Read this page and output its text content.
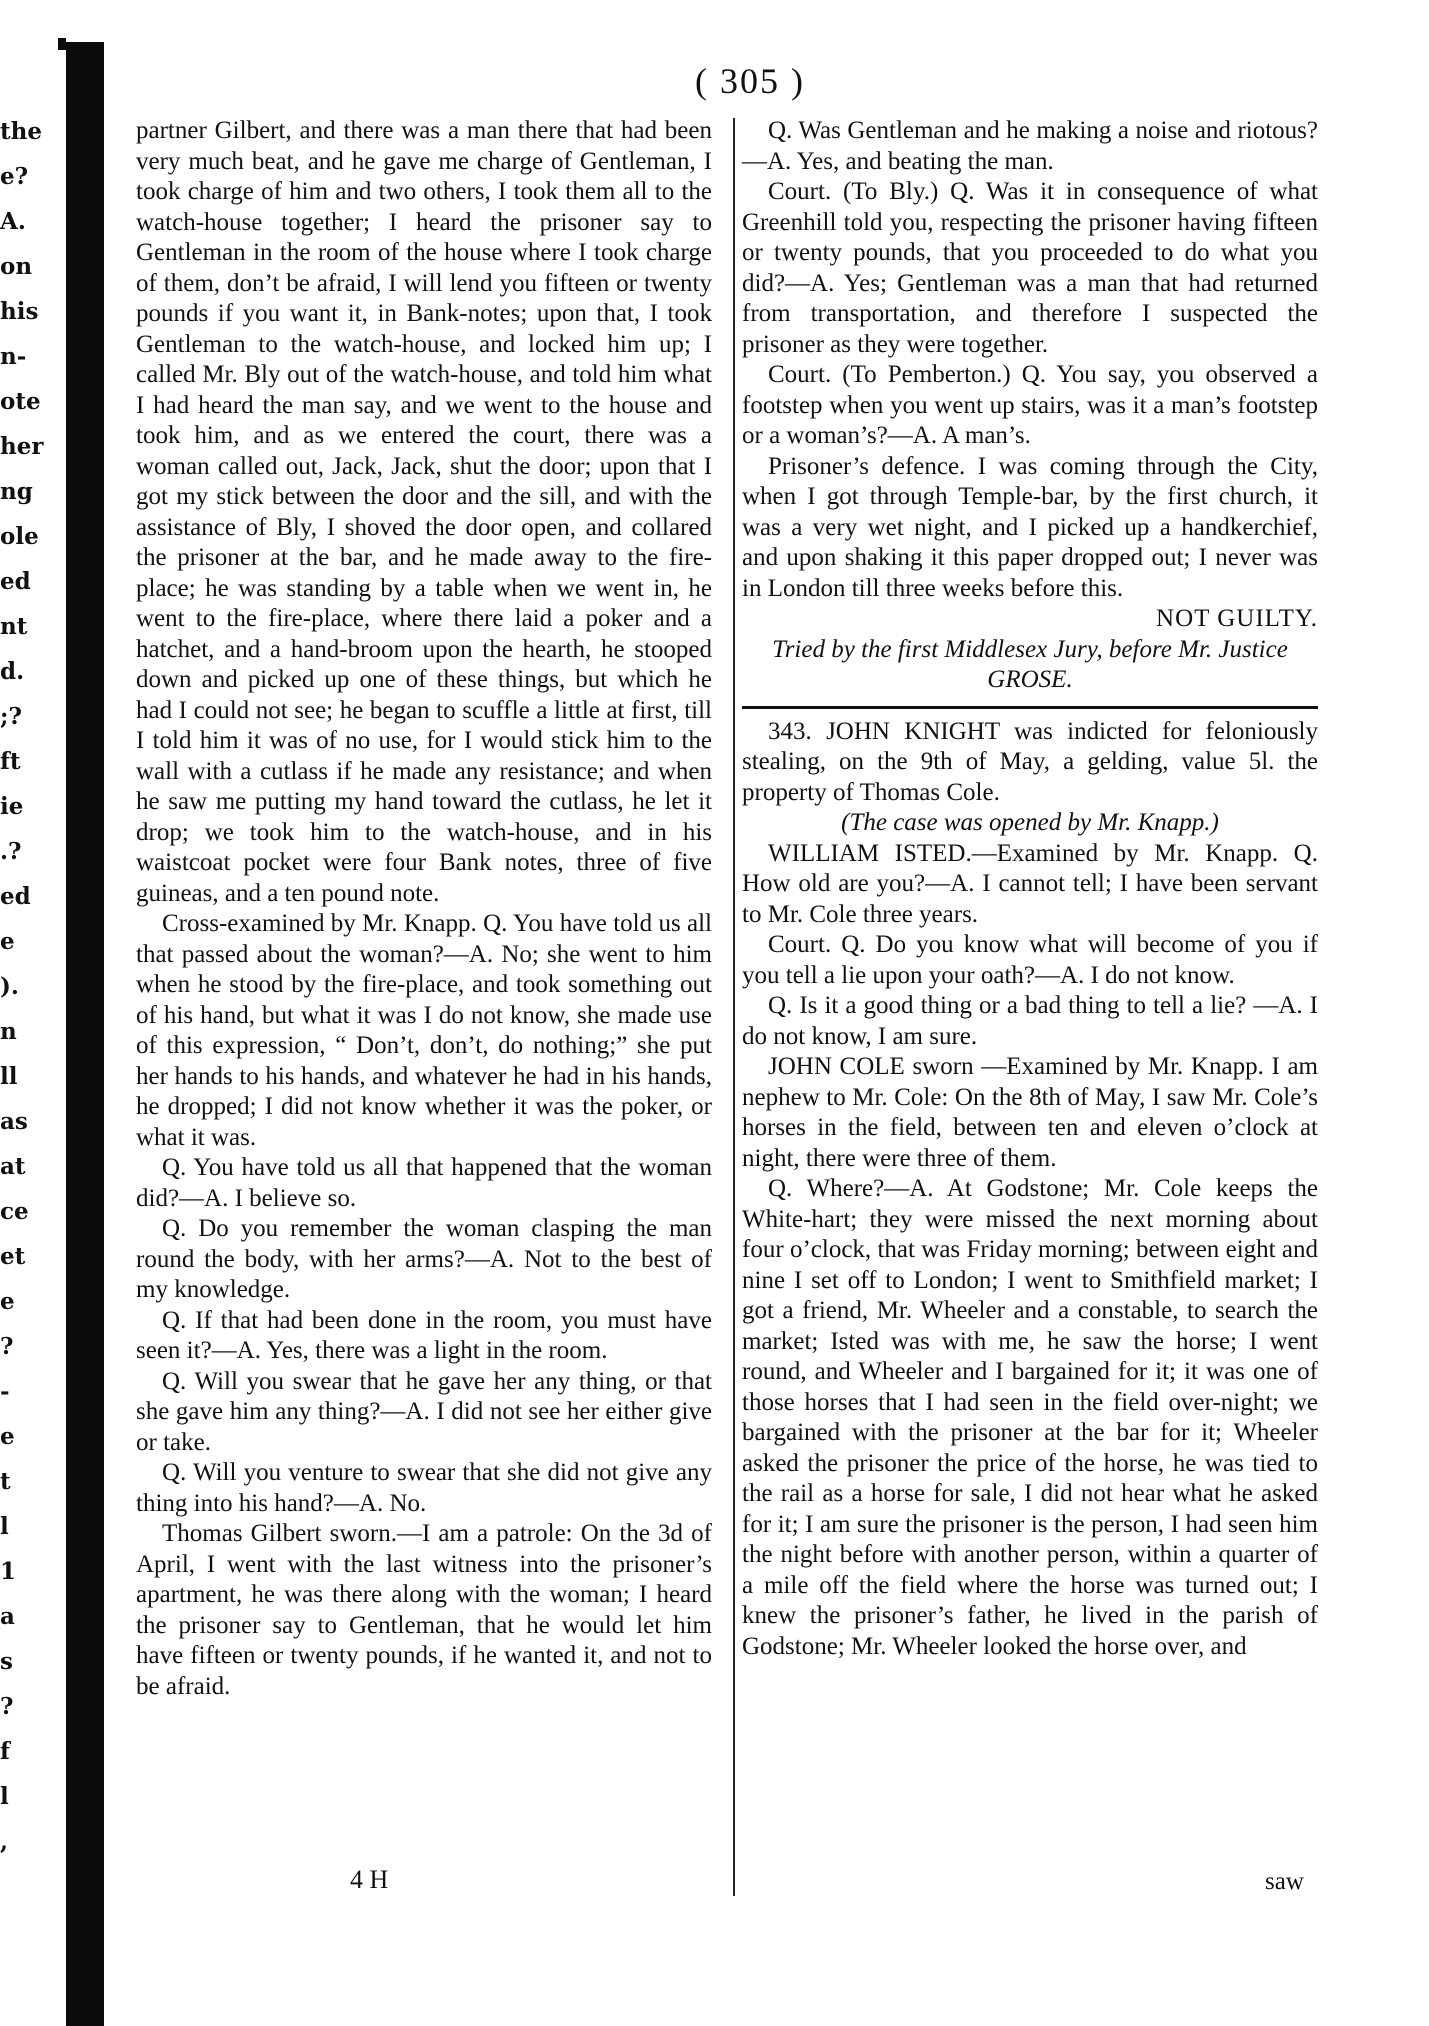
the
e?
A.
on
his
n-
ote
her
ng
ole
ed
nt
d.
;?
ft
ie
.?
ed
e
).
n
ll
as
at
ce
et
e
?
-
e
t
l
1
a
s
?
f
l
,
( 305 )

partner Gilbert, and there was a man there that had been very much beat, and he gave me charge of Gentleman, I took charge of him and two others, I took them all to the watch-house together; I heard the prisoner say to Gentleman in the room of the house where I took charge of them, don’t be afraid, I will lend you fifteen or twenty pounds if you want it, in Bank-notes; upon that, I took Gentleman to the watch-house, and locked him up; I called Mr. Bly out of the watch-house, and told him what I had heard the man say, and we went to the house and took him, and as we entered the court, there was a woman called out, Jack, Jack, shut the door; upon that I got my stick between the door and the sill, and with the assistance of Bly, I shoved the door open, and collared the prisoner at the bar, and he made away to the fire-place; he was standing by a table when we went in, he went to the fire-place, where there laid a poker and a hatchet, and a hand-broom upon the hearth, he stooped down and picked up one of these things, but which he had I could not see; he began to scuffle a little at first, till I told him it was of no use, for I would stick him to the wall with a cutlass if he made any resistance; and when he saw me putting my hand toward the cutlass, he let it drop; we took him to the watch-house, and in his waistcoat pocket were four Bank notes, three of five guineas, and a ten pound note.

Cross-examined by Mr. Knapp. Q. You have told us all that passed about the woman?—A. No; she went to him when he stood by the fire-place, and took something out of his hand, but what it was I do not know, she made use of this expression, “ Don’t, don’t, do nothing;” she put her hands to his hands, and whatever he had in his hands, he dropped; I did not know whether it was the poker, or what it was.

Q. You have told us all that happened that the woman did?—A. I believe so.

Q. Do you remember the woman clasping the man round the body, with her arms?—A. Not to the best of my knowledge.

Q. If that had been done in the room, you must have seen it?—A. Yes, there was a light in the room.

Q. Will you swear that he gave her any thing, or that she gave him any thing?—A. I did not see her either give or take.

Q. Will you venture to swear that she did not give any thing into his hand?—A. No.

Thomas Gilbert sworn.—I am a patrole: On the 3d of April, I went with the last witness into the prisoner’s apartment, he was there along with the woman; I heard the prisoner say to Gentleman, that he would let him have fifteen or twenty pounds, if he wanted it, and not to be afraid.

Q. Was Gentleman and he making a noise and riotous?—A. Yes, and beating the man.

Court. (To Bly.) Q. Was it in consequence of what Greenhill told you, respecting the prisoner having fifteen or twenty pounds, that you proceeded to do what you did?—A. Yes; Gentleman was a man that had returned from transportation, and therefore I suspected the prisoner as they were together.

Court. (To Pemberton.) Q. You say, you observed a footstep when you went up stairs, was it a man’s footstep or a woman’s?—A. A man’s.

Prisoner’s defence. I was coming through the City, when I got through Temple-bar, by the first church, it was a very wet night, and I picked up a handkerchief, and upon shaking it this paper dropped out; I never was in London till three weeks before this.

NOT GUILTY.

Tried by the first Middlesex Jury, before Mr. Justice GROSE.

343. JOHN KNIGHT was indicted for feloniously stealing, on the 9th of May, a gelding, value 5l. the property of Thomas Cole.

(The case was opened by Mr. Knapp.)

WILLIAM ISTED.—Examined by Mr. Knapp. Q. How old are you?—A. I cannot tell; I have been servant to Mr. Cole three years.

Court. Q. Do you know what will become of you if you tell a lie upon your oath?—A. I do not know.

Q. Is it a good thing or a bad thing to tell a lie? —A. I do not know, I am sure.

JOHN COLE sworn —Examined by Mr. Knapp. I am nephew to Mr. Cole: On the 8th of May, I saw Mr. Cole’s horses in the field, between ten and eleven o’clock at night, there were three of them.

Q. Where?—A. At Godstone; Mr. Cole keeps the White-hart; they were missed the next morning about four o’clock, that was Friday morning; between eight and nine I set off to London; I went to Smithfield market; I got a friend, Mr. Wheeler and a constable, to search the market; Isted was with me, he saw the horse; I went round, and Wheeler and I bargained for it; it was one of those horses that I had seen in the field over-night; we bargained with the prisoner at the bar for it; Wheeler asked the prisoner the price of the horse, he was tied to the rail as a horse for sale, I did not hear what he asked for it; I am sure the prisoner is the person, I had seen him the night before with another person, within a quarter of a mile off the field where the horse was turned out; I knew the prisoner’s father, he lived in the parish of Godstone; Mr. Wheeler looked the horse over, and

4 H	saw
